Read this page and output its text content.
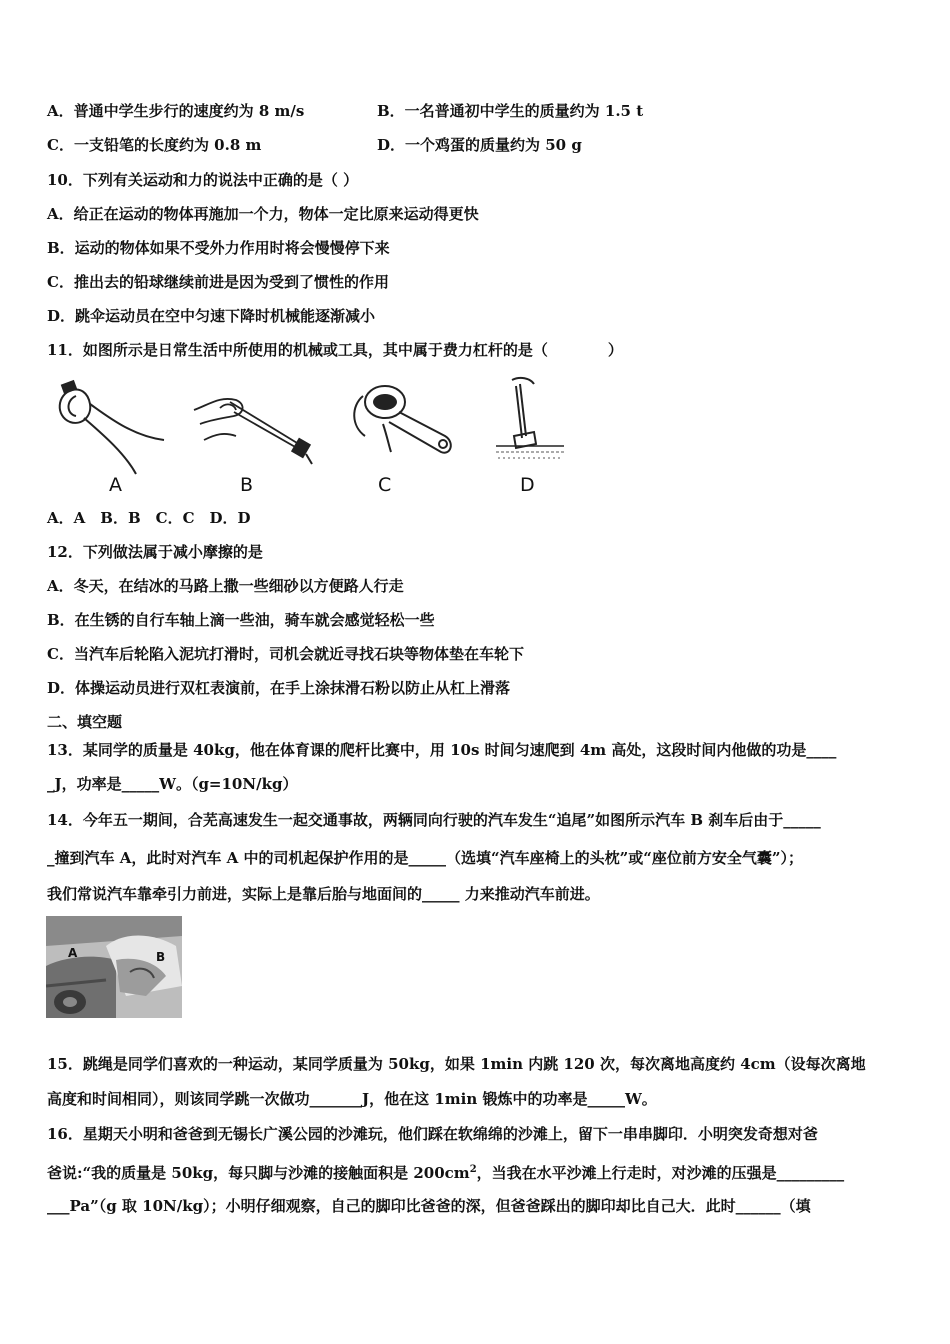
A．普通中学生步行的速度约为 8 m/s	B．一名普通初中学生的质量约为 1.5 t
C．一支铅笔的长度约为 0.8 m	D．一个鸡蛋的质量约为 50 g
10．下列有关运动和力的说法中正确的是（ ）
A．给正在运动的物体再施加一个力，物体一定比原来运动得更快
B．运动的物体如果不受外力作用时将会慢慢停下来
C．推出去的铅球继续前进是因为受到了惯性的作用
D．跳伞运动员在空中匀速下降时机械能逐渐减小
11．如图所示是日常生活中所使用的机械或工具，其中属于费力杠杆的是（　　　　）
A	B	C	D
A．A　B．B　C．C　D．D
12．下列做法属于减小摩擦的是
A．冬天，在结冰的马路上撒一些细砂以方便路人行走
B．在生锈的自行车轴上滴一些油，骑车就会感觉轻松一些
C．当汽车后轮陷入泥坑打滑时，司机会就近寻找石块等物体垫在车轮下
D．体操运动员进行双杠表演前，在手上涂抹滑石粉以防止从杠上滑落
二、填空题
13．某同学的质量是 40kg，他在体育课的爬杆比赛中，用 10s 时间匀速爬到 4m 高处，这段时间内他做的功是____
_J，功率是_____W。（g=10N/kg）
14．今年五一期间，合芜高速发生一起交通事故，两辆同向行驶的汽车发生“追尾”如图所示汽车 B 刹车后由于_____
_撞到汽车 A，此时对汽车 A 中的司机起保护作用的是_____（选填“汽车座椅上的头枕”或“座位前方安全气囊”）；
我们常说汽车靠牵引力前进，实际上是靠后胎与地面间的_____ 力来推动汽车前进。
A	B
15．跳绳是同学们喜欢的一种运动，某同学质量为 50kg，如果 1min 内跳 120 次，每次离地高度约 4cm（设每次离地
高度和时间相同），则该同学跳一次做功_______J，他在这 1min 锻炼中的功率是_____W。
16．星期天小明和爸爸到无锡长广溪公园的沙滩玩，他们踩在软绵绵的沙滩上，留下一串串脚印．小明突发奇想对爸
爸说:“我的质量是 50kg，每只脚与沙滩的接触面积是 $200cm^2$，当我在水平沙滩上行走时，对沙滩的压强是_________
___Pa”（g 取 10N/kg）；小明仔细观察，自己的脚印比爸爸的深，但爸爸踩出的脚印却比自己大．此时______（填
